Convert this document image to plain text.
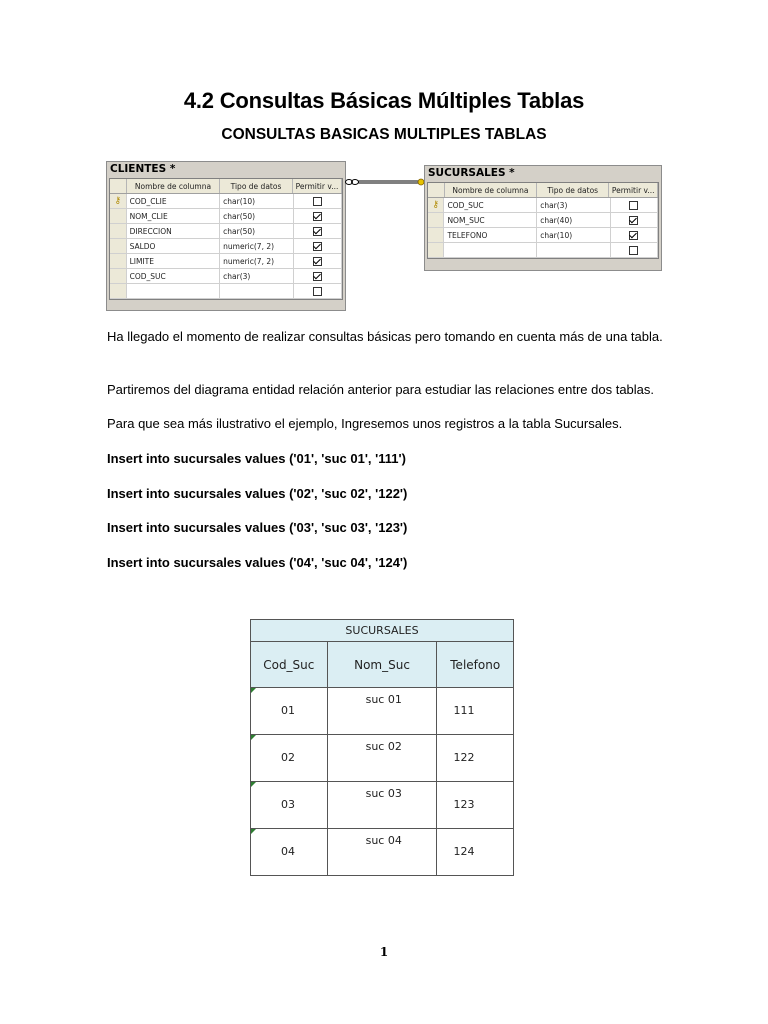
4.2 Consultas Básicas Múltiples Tablas
CONSULTAS BASICAS MULTIPLES TABLAS
CLIENTES *
Nombre de columna	Tipo de datos	Permitir v...
⚷	COD_CLIE	char(10)
NOM_CLIE	char(50)
DIRECCION	char(50)
SALDO	numeric(7, 2)
LIMITE	numeric(7, 2)
COD_SUC	char(3)
SUCURSALES *
Nombre de columna	Tipo de datos	Permitir v...
⚷	COD_SUC	char(3)
NOM_SUC	char(40)
TELEFONO	char(10)
Ha llegado el momento de realizar consultas básicas pero tomando en cuenta más de una tabla.
Partiremos del diagrama entidad relación anterior para estudiar las relaciones entre dos tablas.
Para que sea más ilustrativo el ejemplo, Ingresemos unos registros a la tabla Sucursales.
Insert into sucursales values ('01', 'suc 01', '111')
Insert into sucursales values ('02', 'suc 02', '122')
Insert into sucursales values ('03', 'suc 03', '123')
Insert into sucursales values ('04', 'suc 04', '124')
SUCURSALES		
Cod_Suc	Nom_Suc	Telefono

01	suc 01	111

02	suc 02	122

03	suc 03	123

04	suc 04	124
1
